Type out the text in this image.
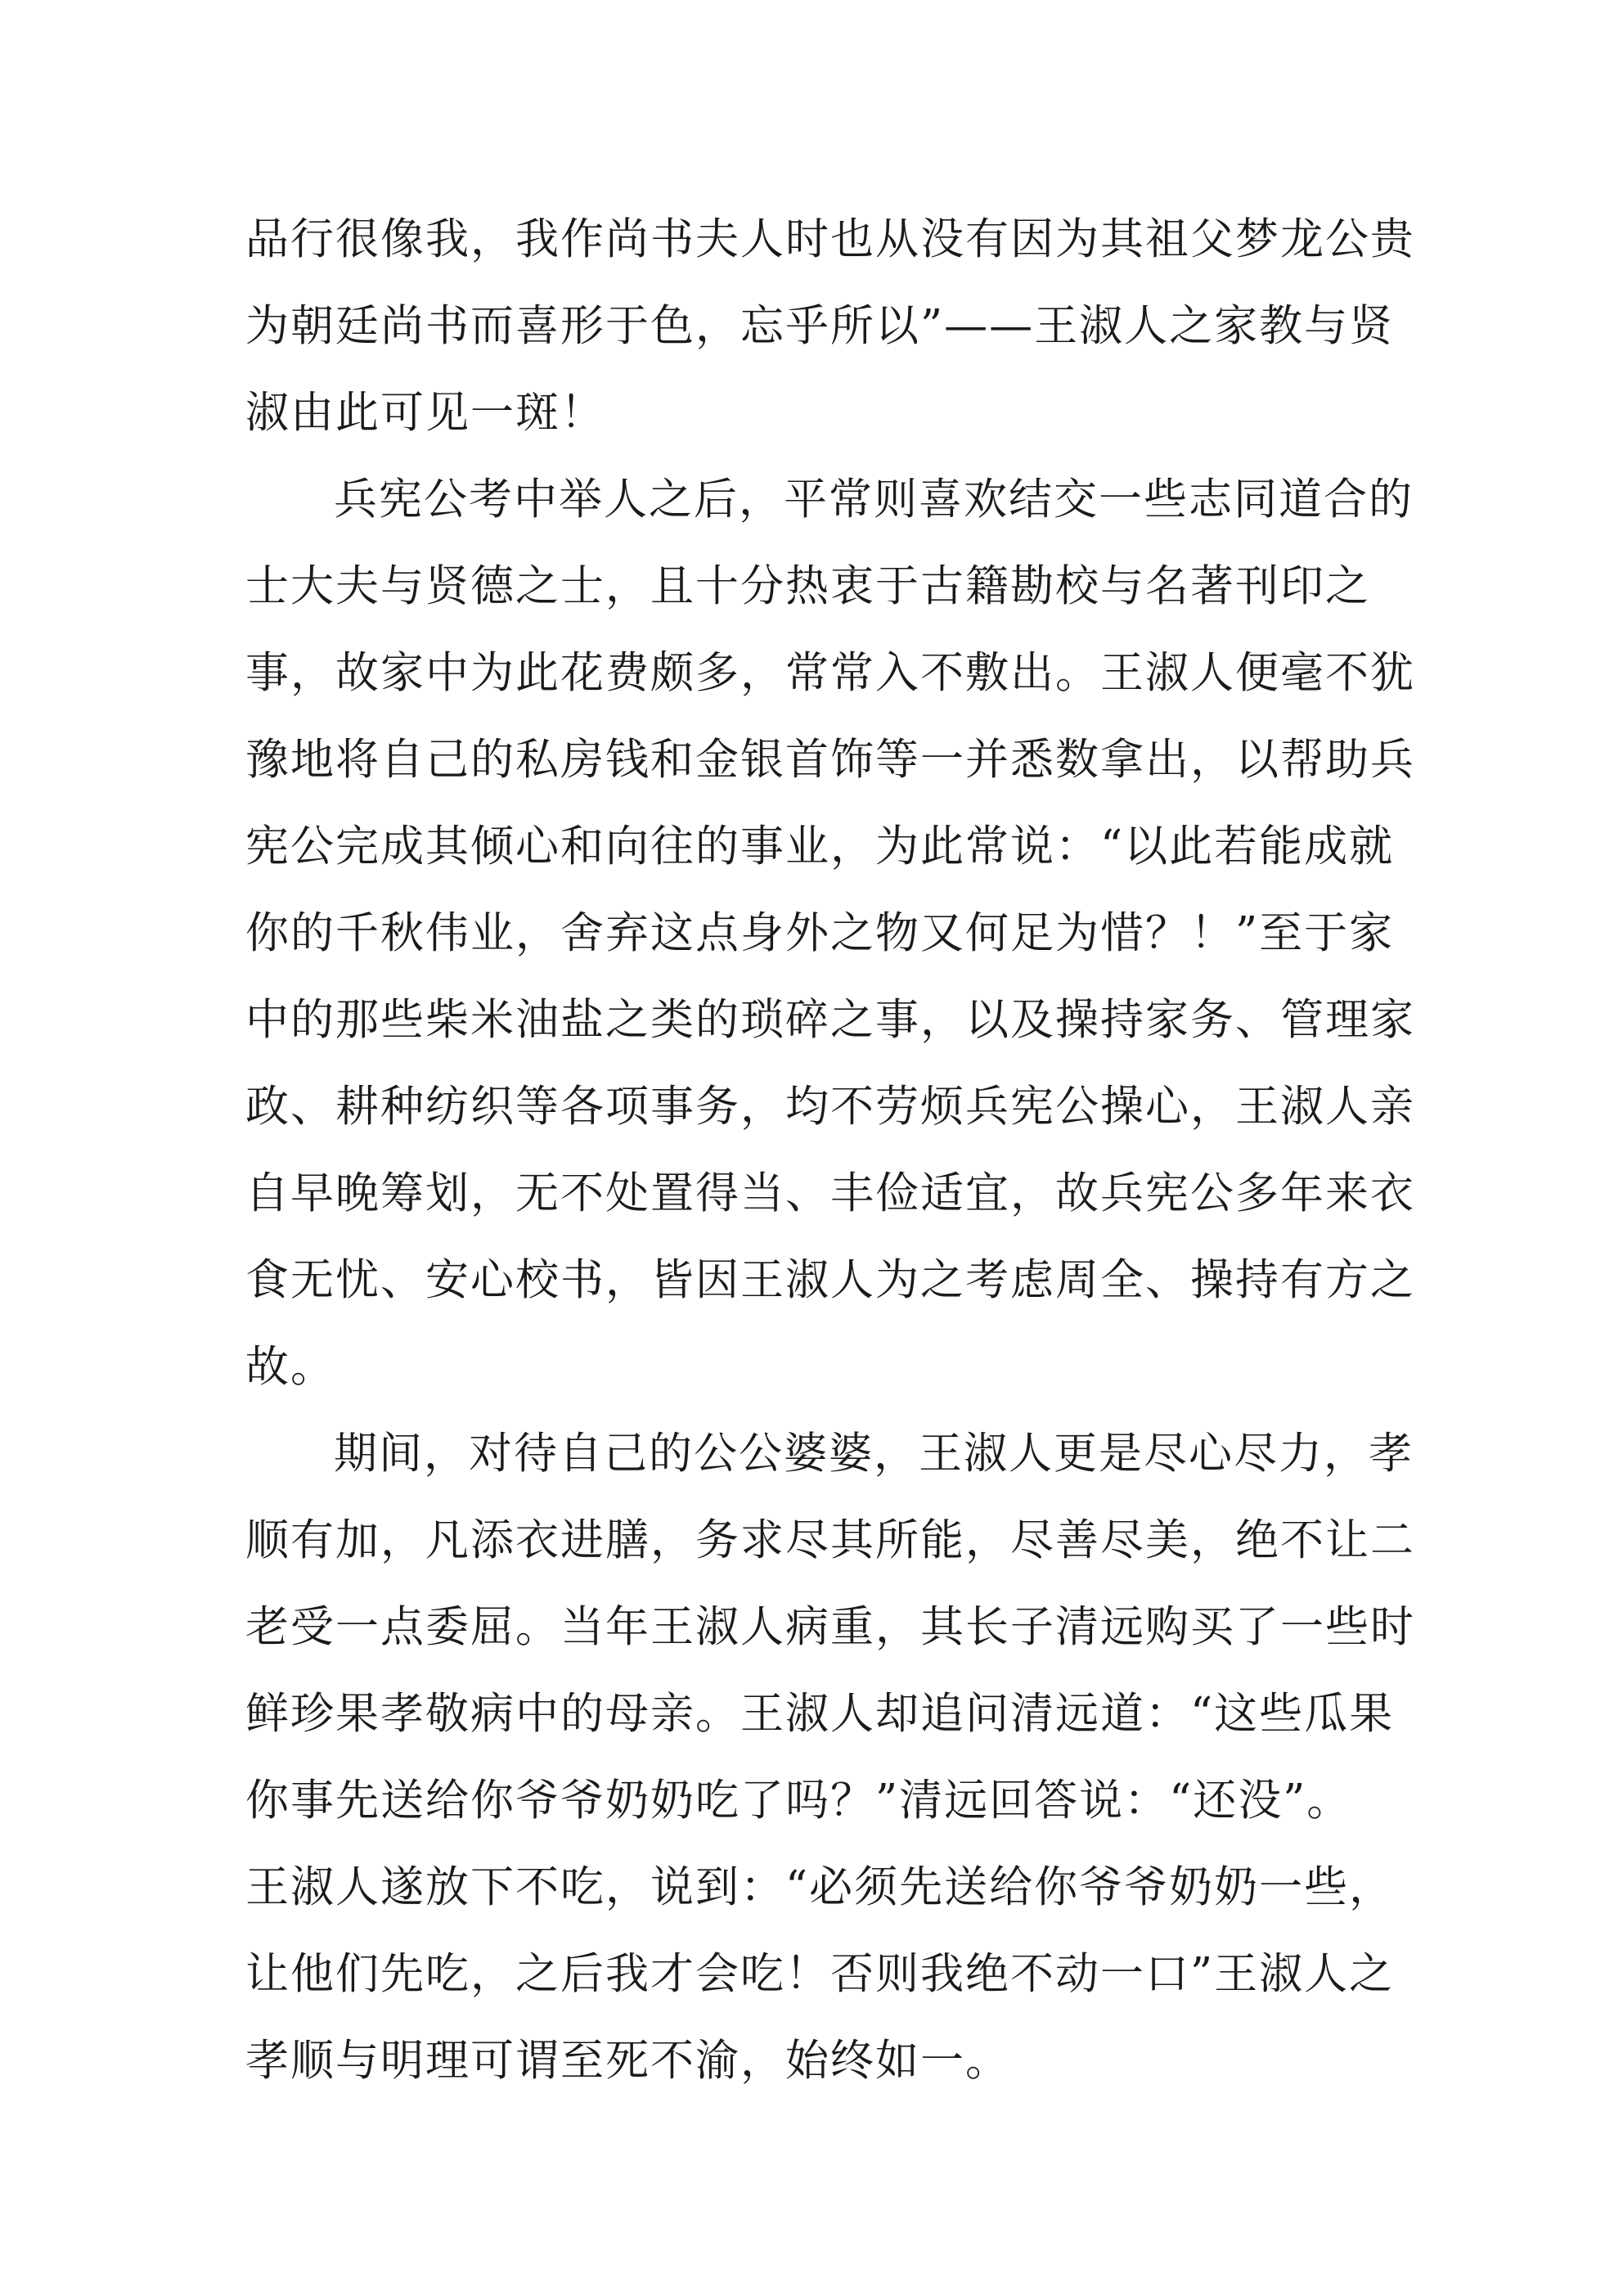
品行很像我，我作尚书夫人时也从没有因为其祖父梦龙公贵
为朝廷尚书而喜形于色，忘乎所以”——王淑人之家教与贤
淑由此可见一斑！
兵宪公考中举人之后，平常则喜欢结交一些志同道合的
士大夫与贤德之士，且十分热衷于古籍勘校与名著刊印之
事，故家中为此花费颇多，常常入不敷出。王淑人便毫不犹
豫地将自己的私房钱和金银首饰等一并悉数拿出，以帮助兵
宪公完成其倾心和向往的事业，为此常说：“以此若能成就
你的千秋伟业，舍弃这点身外之物又何足为惜？！”至于家
中的那些柴米油盐之类的琐碎之事，以及操持家务、管理家
政、耕种纺织等各项事务，均不劳烦兵宪公操心，王淑人亲
自早晚筹划，无不处置得当、丰俭适宜，故兵宪公多年来衣
食无忧、安心校书，皆因王淑人为之考虑周全、操持有方之
故。
期间，对待自己的公公婆婆，王淑人更是尽心尽力，孝
顺有加，凡添衣进膳，务求尽其所能，尽善尽美，绝不让二
老受一点委屈。当年王淑人病重，其长子清远购买了一些时
鲜珍果孝敬病中的母亲。王淑人却追问清远道：“这些瓜果
你事先送给你爷爷奶奶吃了吗？”清远回答说：“还没”。
王淑人遂放下不吃，说到：“必须先送给你爷爷奶奶一些，
让他们先吃，之后我才会吃！否则我绝不动一口”王淑人之
孝顺与明理可谓至死不渝，始终如一。
